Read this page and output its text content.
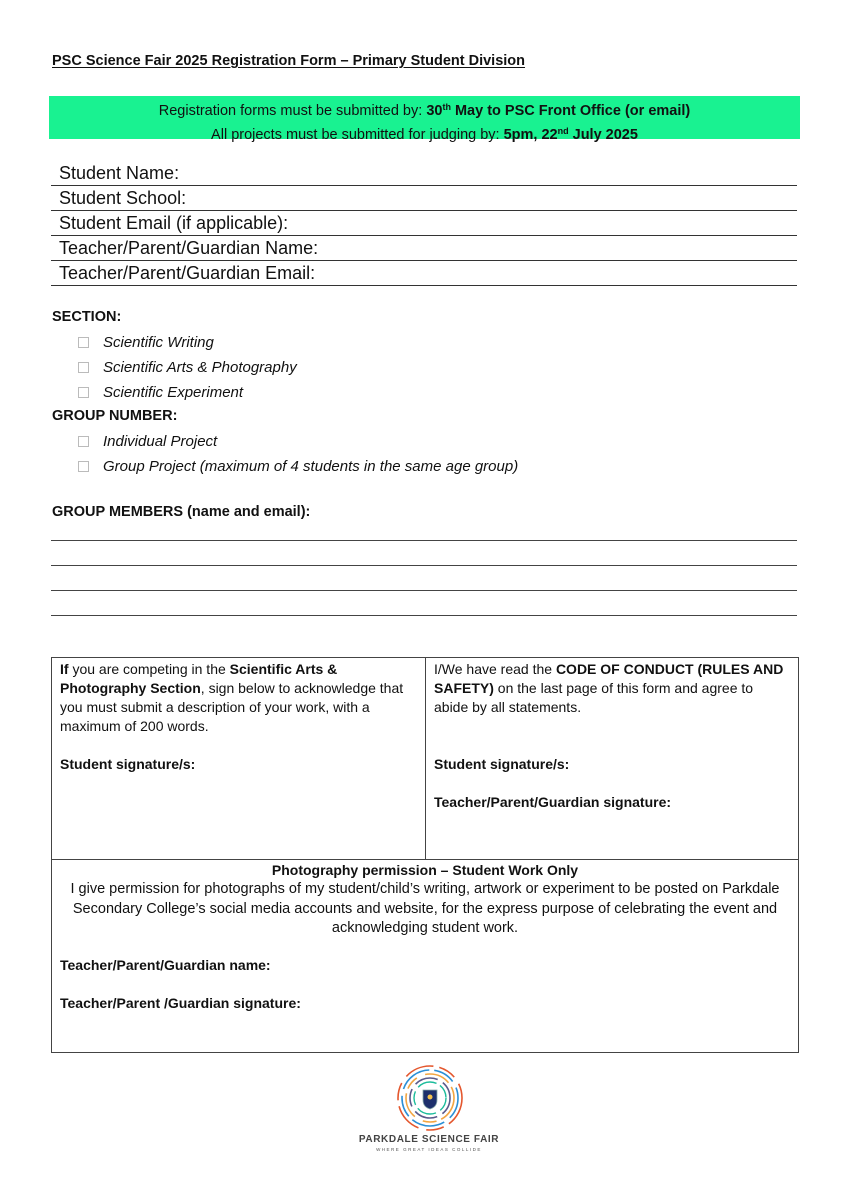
PSC Science Fair 2025 Registration Form – Primary Student Division
Registration forms must be submitted by: 30th May to PSC Front Office (or email)
All projects must be submitted for judging by: 5pm, 22nd July 2025
Student Name:
Student School:
Student Email (if applicable):
Teacher/Parent/Guardian Name:
Teacher/Parent/Guardian Email:
SECTION:
Scientific Writing
Scientific Arts & Photography
Scientific Experiment
GROUP NUMBER:
Individual Project
Group Project (maximum of 4 students in the same age group)
GROUP MEMBERS (name and email):
If you are competing in the Scientific Arts & Photography Section, sign below to acknowledge that you must submit a description of your work, with a maximum of 200 words.
Student signature/s:
I/We have read the CODE OF CONDUCT (RULES AND SAFETY) on the last page of this form and agree to abide by all statements.
Student signature/s:
Teacher/Parent/Guardian signature:
Photography permission – Student Work Only
I give permission for photographs of my student/child’s writing, artwork or experiment to be posted on Parkdale Secondary College’s social media accounts and website, for the express purpose of celebrating the event and acknowledging student work.
Teacher/Parent/Guardian name:
Teacher/Parent /Guardian signature:
PARKDALE SCIENCE FAIR
WHERE GREAT IDEAS COLLIDE
